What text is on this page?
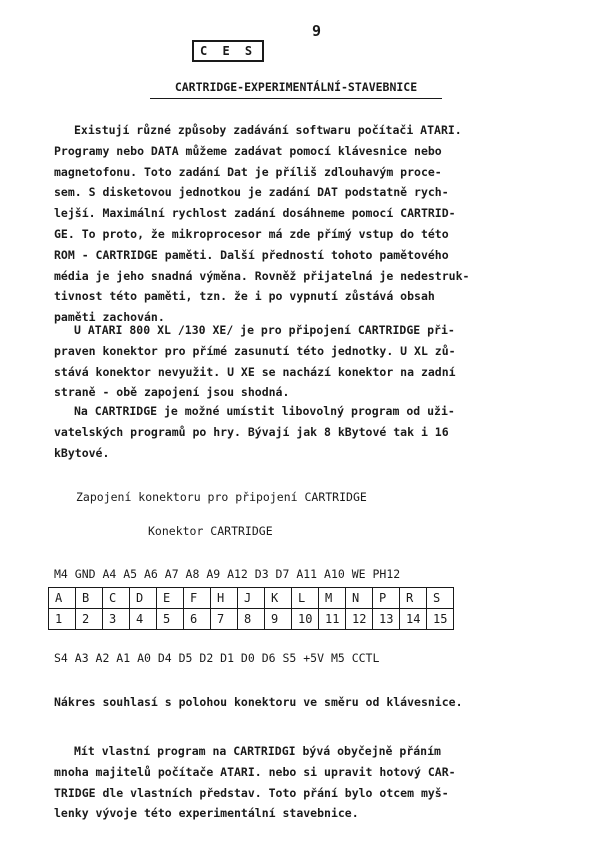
9
C E S
CARTRIDGE-EXPERIMENTÁLNÍ-STAVEBNICE
Existují různé způsoby zadávání softwaru počítači ATARI.
Programy nebo DATA můžeme zadávat pomocí klávesnice nebo
magnetofonu. Toto zadání Dat je příliš zdlouhavým proce-
sem. S disketovou jednotkou je zadání DAT podstatně rych-
lejší. Maximální rychlost zadání dosáhneme pomocí CARTRID-
GE. To proto, že mikroprocesor má zde přímý vstup do této
ROM - CARTRIDGE paměti. Další předností tohoto pamětového
média je jeho snadná výměna. Rovněž přijatelná je nedestruk-
tivnost této paměti, tzn. že i po vypnutí zůstává obsah
paměti zachován.
U ATARI 800 XL /130 XE/ je pro připojení CARTRIDGE při-
praven konektor pro přímé zasunutí této jednotky. U XL zů-
stává konektor nevyužit. U XE se nachází konektor na zadní
straně - obě zapojení jsou shodná.
Na CARTRIDGE je možné umístit libovolný program od uži-
vatelských programů po hry. Bývají jak 8 kBytové tak i 16
kBytové.
Zapojení konektoru pro připojení CARTRIDGE
Konektor CARTRIDGE
M4 GND A4 A5 A6 A7 A8 A9 A12 D3 D7 A11 A10 WE PH12
A	B	C	D	E	F	H	J	K	L	M	N	P	R	S
1	2	3	4	5	6	7	8	9	10	11	12	13	14	15
S4 A3 A2 A1 A0 D4 D5 D2 D1 D0 D6 S5 +5V M5 CCTL
Nákres souhlasí s polohou konektoru ve směru od klávesnice.
Mít vlastní program na CARTRIDGI bývá obyčejně přáním
mnoha majitelů počítače ATARI. nebo si upravit hotový CAR-
TRIDGE dle vlastních představ. Toto přání bylo otcem myš-
lenky vývoje této experimentální stavebnice.
